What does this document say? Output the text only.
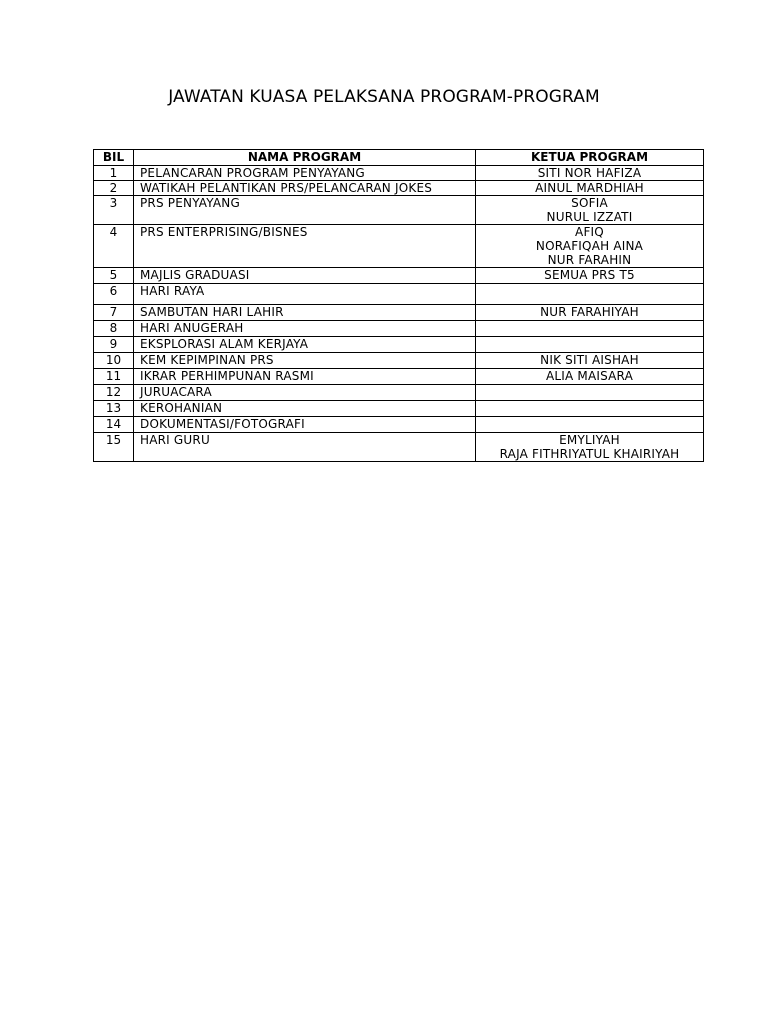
JAWATAN KUASA PELAKSANA PROGRAM-PROGRAM
BIL	NAMA PROGRAM	KETUA PROGRAM
1	PELANCARAN PROGRAM PENYAYANG	SITI NOR HAFIZA

2	WATIKAH PELANTIKAN PRS/PELANCARAN JOKES	AINUL MARDHIAH

3	PRS PENYAYANG	SOFIA
NURUL IZZATI

4	PRS ENTERPRISING/BISNES	AFIQ
NORAFIQAH AINA
NUR FARAHIN

5	MAJLIS GRADUASI	SEMUA PRS T5

6	HARI RAYA	
7	SAMBUTAN HARI LAHIR	NUR FARAHIYAH

8	HARI ANUGERAH	
9	EKSPLORASI ALAM KERJAYA	
10	KEM KEPIMPINAN PRS	NIK SITI AISHAH

11	IKRAR PERHIMPUNAN RASMI	ALIA MAISARA

12	JURUACARA	
13	KEROHANIAN	
14	DOKUMENTASI/FOTOGRAFI	
15	HARI GURU	EMYLIYAH
RAJA FITHRIYATUL KHAIRIYAH
